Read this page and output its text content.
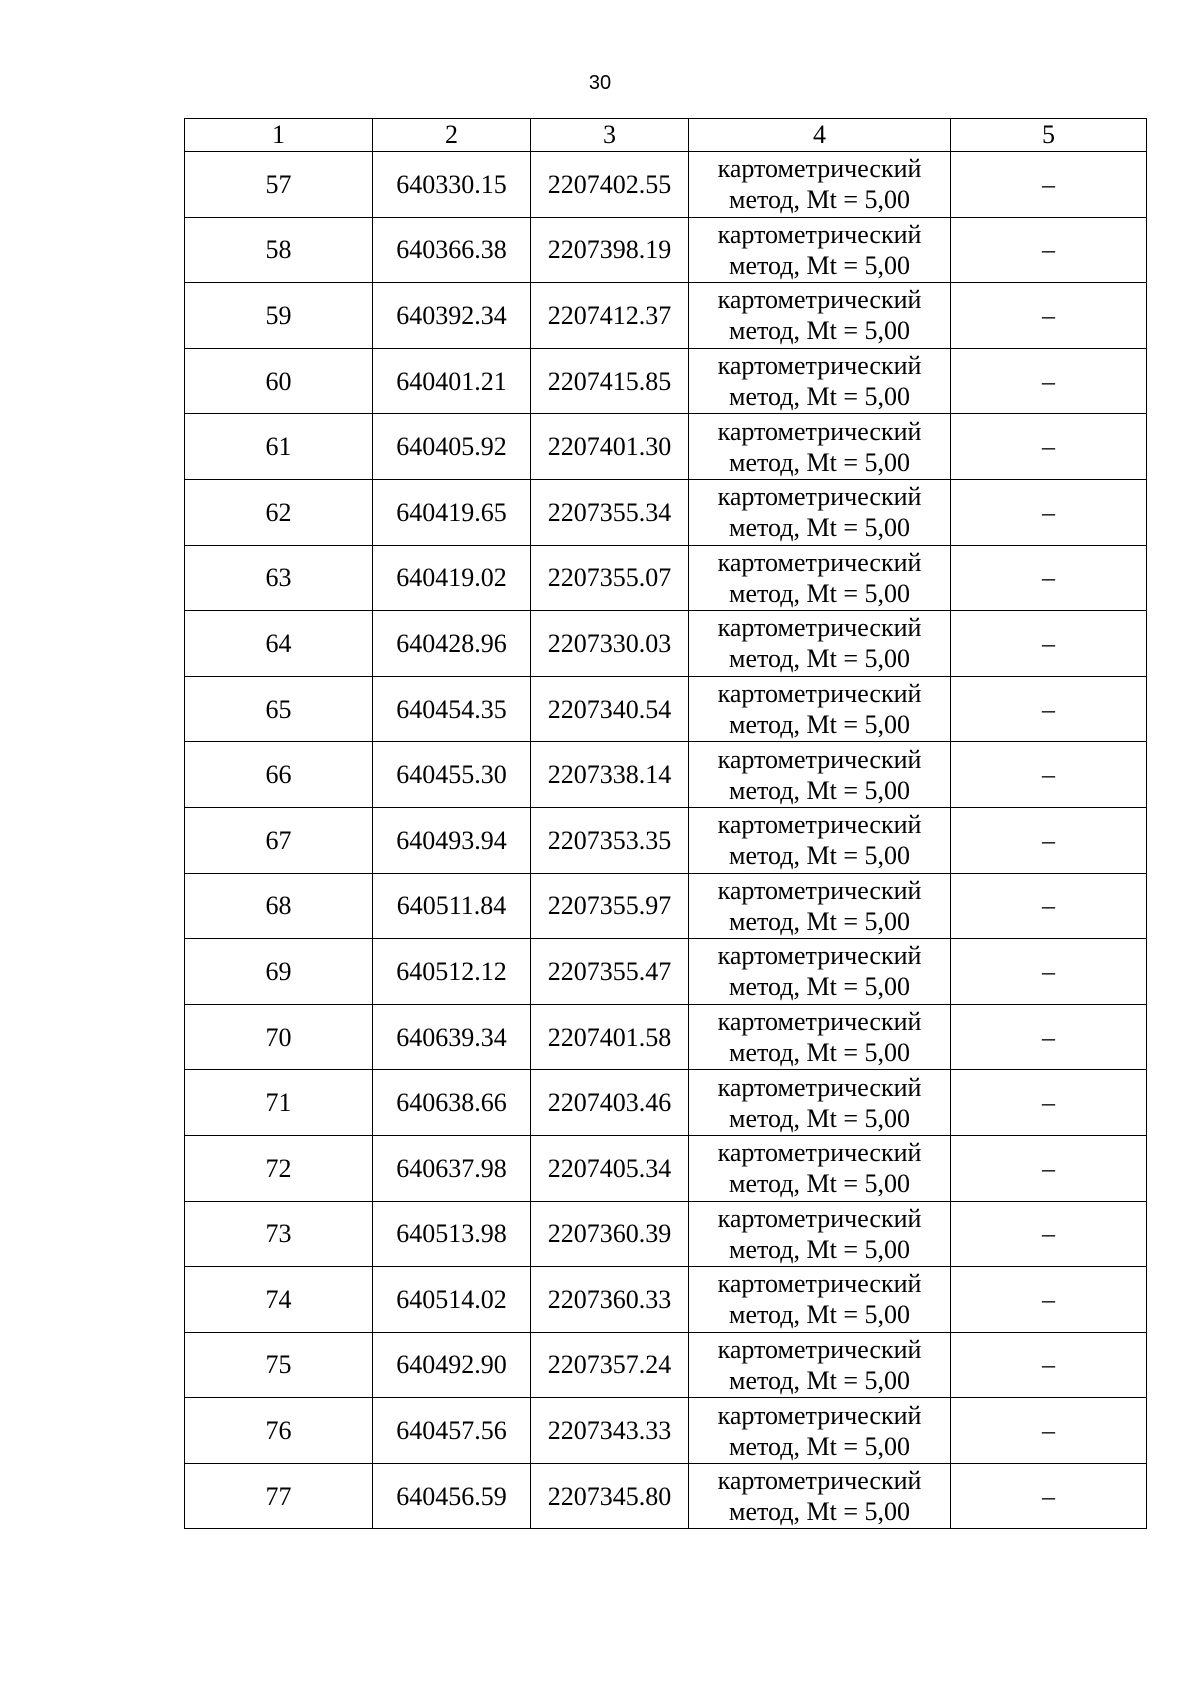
30
1	2	3	4	5
57	640330.15	2207402.55	картометрический
метод, Mt = 5,00	–
58	640366.38	2207398.19	картометрический
метод, Mt = 5,00	–
59	640392.34	2207412.37	картометрический
метод, Mt = 5,00	–
60	640401.21	2207415.85	картометрический
метод, Mt = 5,00	–
61	640405.92	2207401.30	картометрический
метод, Mt = 5,00	–
62	640419.65	2207355.34	картометрический
метод, Mt = 5,00	–
63	640419.02	2207355.07	картометрический
метод, Mt = 5,00	–
64	640428.96	2207330.03	картометрический
метод, Mt = 5,00	–
65	640454.35	2207340.54	картометрический
метод, Mt = 5,00	–
66	640455.30	2207338.14	картометрический
метод, Mt = 5,00	–
67	640493.94	2207353.35	картометрический
метод, Mt = 5,00	–
68	640511.84	2207355.97	картометрический
метод, Mt = 5,00	–
69	640512.12	2207355.47	картометрический
метод, Mt = 5,00	–
70	640639.34	2207401.58	картометрический
метод, Mt = 5,00	–
71	640638.66	2207403.46	картометрический
метод, Mt = 5,00	–
72	640637.98	2207405.34	картометрический
метод, Mt = 5,00	–
73	640513.98	2207360.39	картометрический
метод, Mt = 5,00	–
74	640514.02	2207360.33	картометрический
метод, Mt = 5,00	–
75	640492.90	2207357.24	картометрический
метод, Mt = 5,00	–
76	640457.56	2207343.33	картометрический
метод, Mt = 5,00	–
77	640456.59	2207345.80	картометрический
метод, Mt = 5,00	–
